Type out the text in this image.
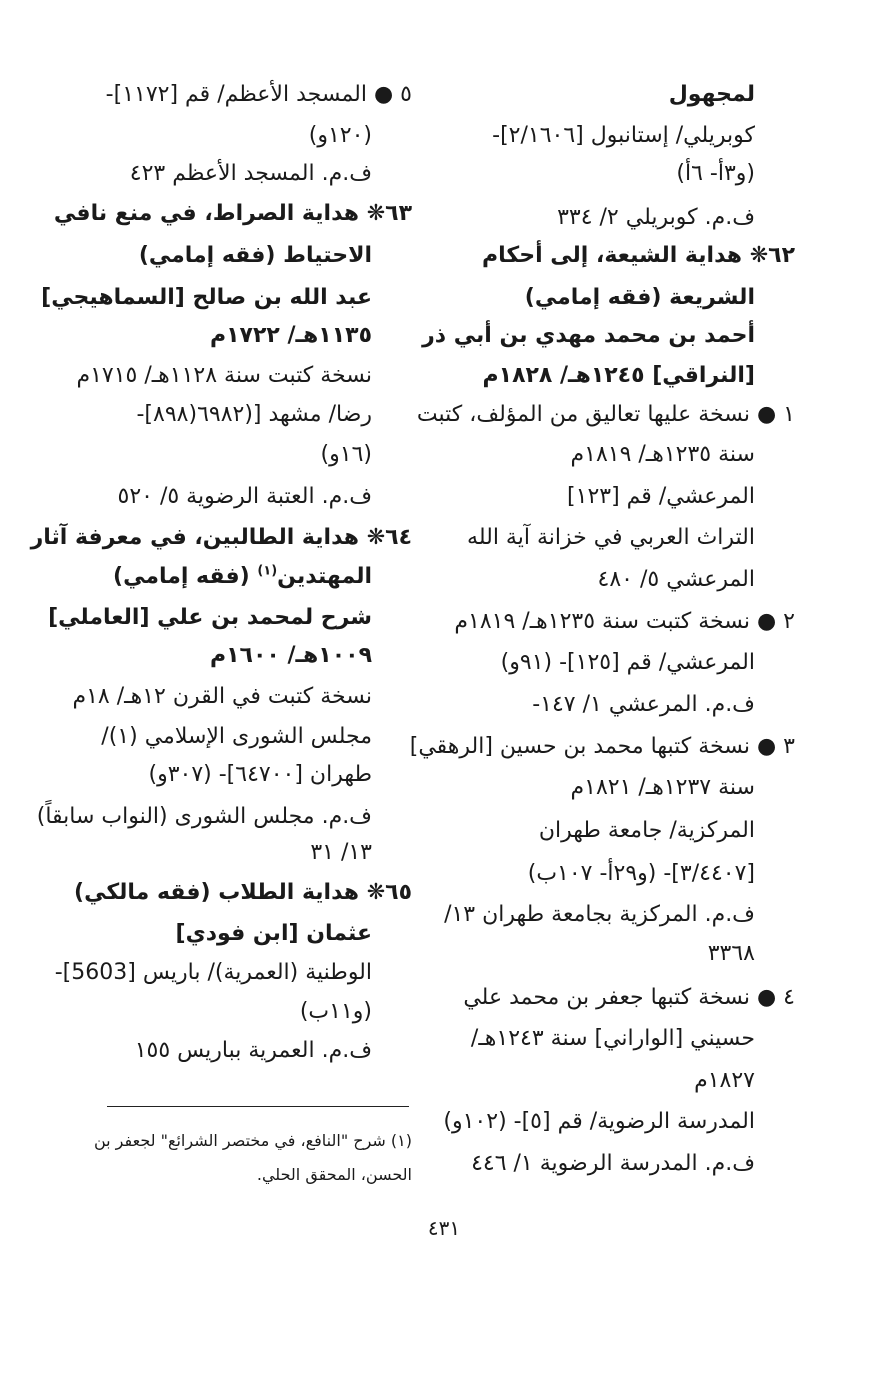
لمجهول
كوبريلي/ إستانبول [٢/١٦٠٦]-
(و٣أ- ٦أ)
ف.م. كوبريلي ٢/ ٣٣٤
٦٢❋ هداية الشيعة، إلى أحكام
الشريعة (فقه إمامي)
أحمد بن محمد مهدي بن أبي ذر
[النراقي] ١٢٤٥هـ/ ١٨٢٨م
١ ● نسخة عليها تعاليق من المؤلف، كتبت
سنة ١٢٣٥هـ/ ١٨١٩م
المرعشي/ قم [١٢٣]
التراث العربي في خزانة آية الله
المرعشي ٥/ ٤٨٠
٢ ● نسخة كتبت سنة ١٢٣٥هـ/ ١٨١٩م
المرعشي/ قم [١٢٥]- (٩١و)
ف.م. المرعشي ١/ ١٤٧-
٣ ● نسخة كتبها محمد بن حسين [الرهقي]
سنة ١٢٣٧هـ/ ١٨٢١م
المركزية/ جامعة طهران
[٣/٤٤٠٧]- (و٢٩أ- ١٠٧ب)
ف.م. المركزية بجامعة طهران ١٣/
٣٣٦٨
٤ ● نسخة كتبها جعفر بن محمد علي
حسيني [الواراني] سنة ١٢٤٣هـ/
١٨٢٧م
المدرسة الرضوية/ قم [٥]- (١٠٢و)
ف.م. المدرسة الرضوية ١/ ٤٤٦
٥ ● المسجد الأعظم/ قم [١١٧٢]-
(١٢٠و)
ف.م. المسجد الأعظم ٤٢٣
٦٣❋ هداية الصراط، في منع نافي
الاحتياط (فقه إمامي)
عبد الله بن صالح [السماهيجي]
١١٣٥هـ/ ١٧٢٢م
نسخة كتبت سنة ١١٢٨هـ/ ١٧١٥م
رضا/ مشهد [(٦٩٨٢(٨٩٨]-
(١٦و)
ف.م. العتبة الرضوية ٥/ ٥٢٠
٦٤❋ هداية الطالبين، في معرفة آثار
المهتدين$^{(١)}$ (فقه إمامي)
شرح لمحمد بن علي [العاملي]
١٠٠٩هـ/ ١٦٠٠م
نسخة كتبت في القرن ١٢هـ/ ١٨م
مجلس الشورى الإسلامي (١)/
طهران [٦٤٧٠٠]- (٣٠٧و)
ف.م. مجلس الشورى (النواب سابقاً)
١٣/ ٣١
٦٥❋ هداية الطلاب (فقه مالكي)
عثمان [ابن فودي]
الوطنية (العمرية)/ باريس [5603]-
(و١١ب)
ف.م. العمرية بباريس ١٥٥
(١) شرح "النافع، في مختصر الشرائع" لجعفر بن
الحسن، المحقق الحلي.
٤٣١
